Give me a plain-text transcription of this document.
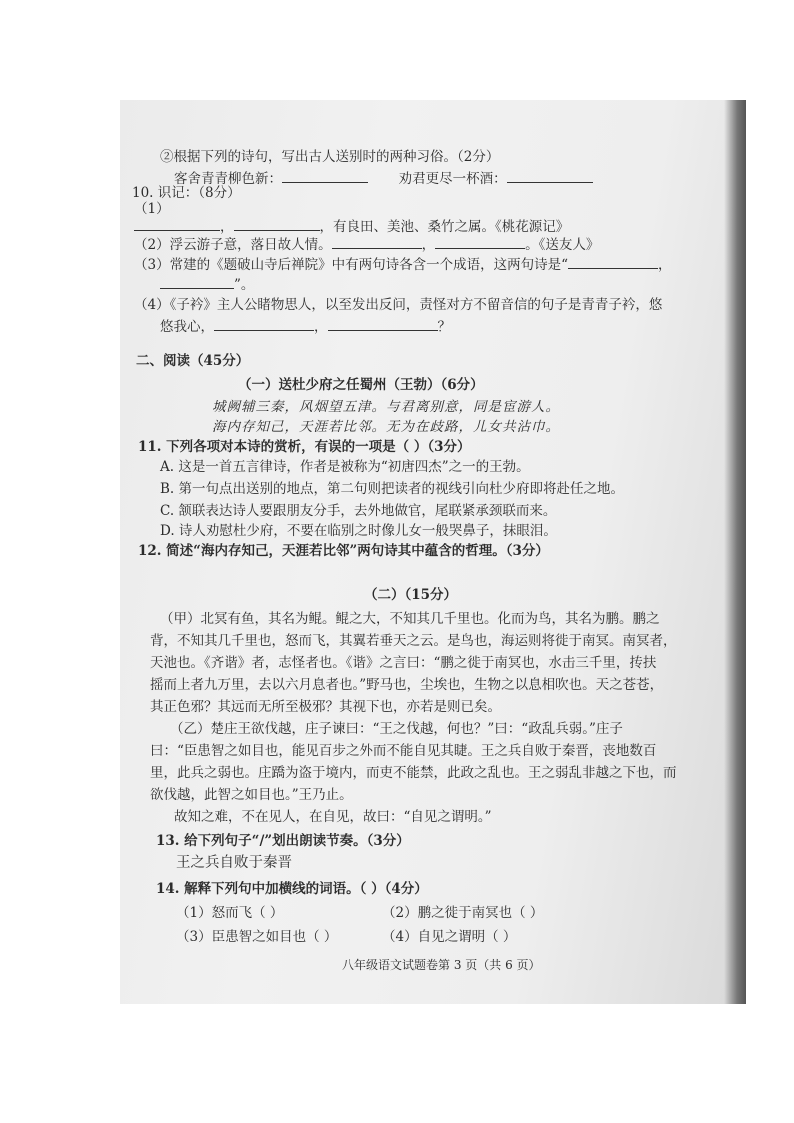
②根据下列的诗句，写出古人送别时的两种习俗。（2分）
客舍青青柳色新：	劝君更尽一杯酒：
10. 识记：（8分）
（1）
，	，有良田、美池、桑竹之属。《桃花源记》
（2）浮云游子意，落日故人情。	，	。《送友人》
（3）常建的《题破山寺后禅院》中有两句诗各含一个成语，这两句诗是“	，
”。
（4）《子衿》主人公睹物思人，以至发出反问，责怪对方不留音信的句子是青青子衿，悠
悠我心，	，	？
二、阅读（45分）
（一）送杜少府之任蜀州（王勃）（6分）
城阙辅三秦，风烟望五津。与君离别意，同是宦游人。
海内存知己，天涯若比邻。无为在歧路，儿女共沾巾。
11. 下列各项对本诗的赏析，有误的一项是（ ）（3分）
A. 这是一首五言律诗，作者是被称为“初唐四杰”之一的王勃。
B. 第一句点出送别的地点，第二句则把读者的视线引向杜少府即将赴任之地。
C. 颔联表达诗人要跟朋友分手，去外地做官，尾联紧承颈联而来。
D. 诗人劝慰杜少府，不要在临别之时像儿女一般哭鼻子，抹眼泪。
12. 简述“海内存知己，天涯若比邻”两句诗其中蕴含的哲理。（3分）
（二）（15分）
（甲）北冥有鱼，其名为鲲。鲲之大，不知其几千里也。化而为鸟，其名为鹏。鹏之
背，不知其几千里也，怒而飞，其翼若垂天之云。是鸟也，海运则将徙于南冥。南冥者，
天池也。《齐谐》者，志怪者也。《谐》之言曰：“鹏之徙于南冥也，水击三千里，抟扶
摇而上者九万里，去以六月息者也。”野马也，尘埃也，生物之以息相吹也。天之苍苍，
其正色邪？其远而无所至极邪？其视下也，亦若是则已矣。
（乙）楚庄王欲伐越，庄子谏曰：“王之伐越，何也？”曰：“政乱兵弱。”庄子
曰：“臣患智之如目也，能见百步之外而不能自见其睫。王之兵自败于秦晋，丧地数百
里，此兵之弱也。庄蹻为盗于境内，而吏不能禁，此政之乱也。王之弱乱非越之下也，而
欲伐越，此智之如目也。”王乃止。
故知之难，不在见人，在自见，故曰：“自见之谓明。”
13. 给下列句子“/”划出朗读节奏。（3分）
王之兵自败于秦晋
14. 解释下列句中加横线的词语。（ ）（4分）
（1）怒而飞（ ）	（2）鹏之徙于南冥也（ ）
（3）臣患智之如目也（ ）	（4）自见之谓明（ ）
八年级语文试题卷第 3 页（共 6 页）
